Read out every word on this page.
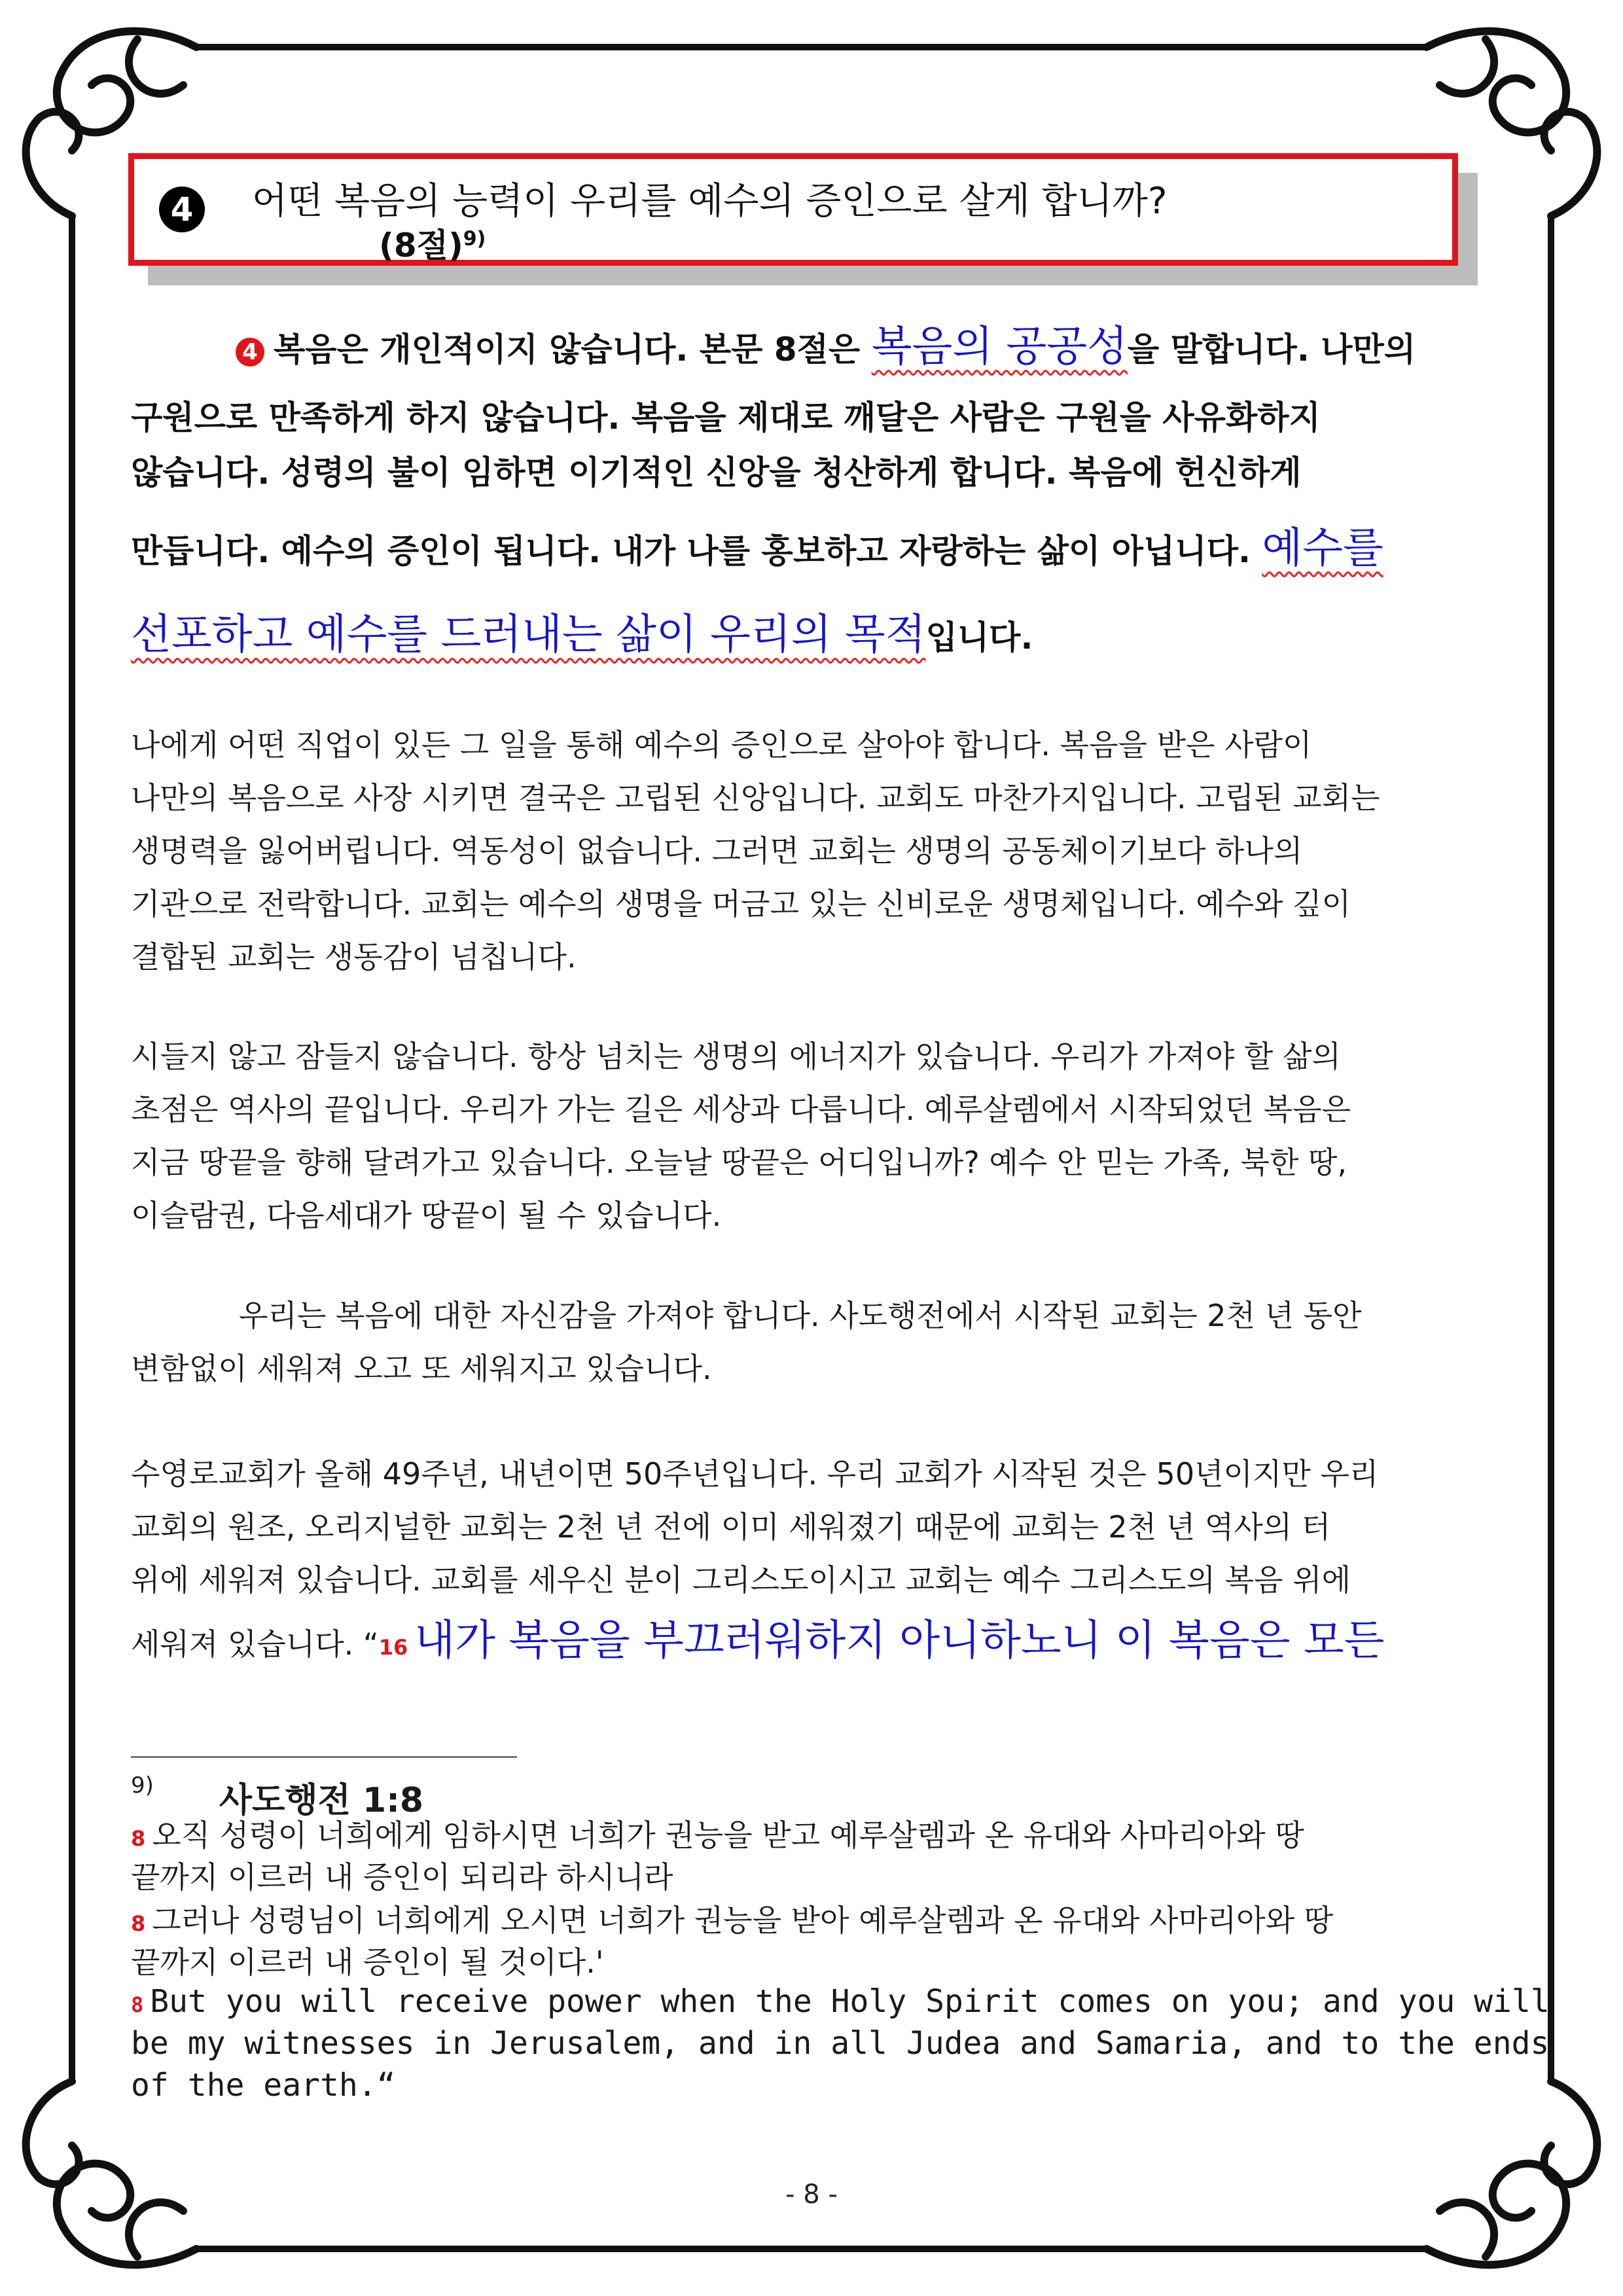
4	어떤 복음의 능력이 우리를 예수의 증인으로 살게 합니까?
(8절)$^{9)}$
4 복음은 개인적이지 않습니다. 본문 8절은 복음의 공공성을 말합니다. 나만의
구원으로 만족하게 하지 않습니다. 복음을 제대로 깨달은 사람은 구원을 사유화하지
않습니다. 성령의 불이 임하면 이기적인 신앙을 청산하게 합니다. 복음에 헌신하게
만듭니다. 예수의 증인이 됩니다. 내가 나를 홍보하고 자랑하는 삶이 아닙니다. 예수를
선포하고 예수를 드러내는 삶이 우리의 목적입니다.
나에게 어떤 직업이 있든 그 일을 통해 예수의 증인으로 살아야 합니다. 복음을 받은 사람이
나만의 복음으로 사장 시키면 결국은 고립된 신앙입니다. 교회도 마찬가지입니다. 고립된 교회는
생명력을 잃어버립니다. 역동성이 없습니다. 그러면 교회는 생명의 공동체이기보다 하나의
기관으로 전락합니다. 교회는 예수의 생명을 머금고 있는 신비로운 생명체입니다. 예수와 깊이
결합된 교회는 생동감이 넘칩니다.
시들지 않고 잠들지 않습니다. 항상 넘치는 생명의 에너지가 있습니다. 우리가 가져야 할 삶의
초점은 역사의 끝입니다. 우리가 가는 길은 세상과 다릅니다. 예루살렘에서 시작되었던 복음은
지금 땅끝을 향해 달려가고 있습니다. 오늘날 땅끝은 어디입니까? 예수 안 믿는 가족, 북한 땅,
이슬람권, 다음세대가 땅끝이 될 수 있습니다.
우리는 복음에 대한 자신감을 가져야 합니다. 사도행전에서 시작된 교회는 2천 년 동안
변함없이 세워져 오고 또 세워지고 있습니다.
수영로교회가 올해 49주년, 내년이면 50주년입니다. 우리 교회가 시작된 것은 50년이지만 우리
교회의 원조, 오리지널한 교회는 2천 년 전에 이미 세워졌기 때문에 교회는 2천 년 역사의 터
위에 세워져 있습니다. 교회를 세우신 분이 그리스도이시고 교회는 예수 그리스도의 복음 위에
세워져 있습니다. “16 내가 복음을 부끄러워하지 아니하노니 이 복음은 모든
$^{9)}$ 사도행전 1:8
8 오직 성령이 너희에게 임하시면 너희가 권능을 받고 예루살렘과 온 유대와 사마리아와 땅
끝까지 이르러 내 증인이 되리라 하시니라
8 그러나 성령님이 너희에게 오시면 너희가 권능을 받아 예루살렘과 온 유대와 사마리아와 땅
끝까지 이르러 내 증인이 될 것이다.'
8 But you will receive power when the Holy Spirit comes on you; and you will
be my witnesses in Jerusalem, and in all Judea and Samaria, and to the ends
of the earth.“
- 8 -
